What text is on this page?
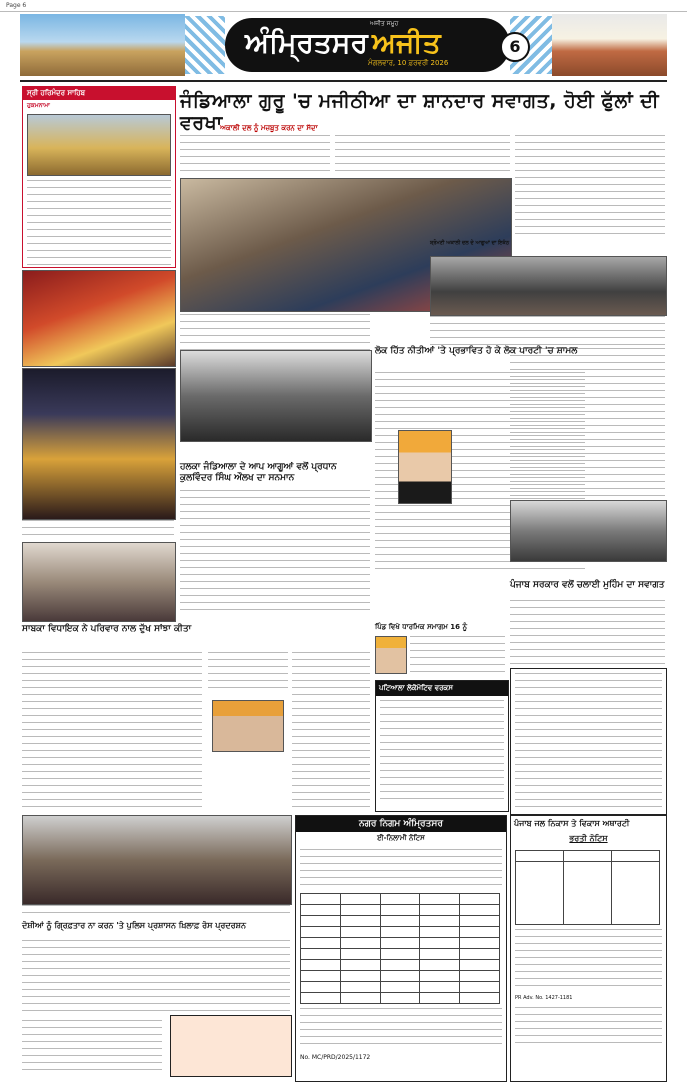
Page 6
ਅੰਮ੍ਰਿਤਸਰ ਅਜੀਤ
ਅਜੀਤ ਸਮੂਹ
ਮੰਗਲਵਾਰ, 10 ਫ਼ਰਵਰੀ 2026
6
ਸ੍ਰੀ ਹਰਿਮੰਦਰ ਸਾਹਿਬ
ਹੁਕਮਨਾਮਾ	ਜੰਡਿਆਲਾ ਗੁਰੂ 'ਚ ਮਜੀਠੀਆ ਦਾ ਸ਼ਾਨਦਾਰ ਸਵਾਗਤ, ਹੋਈ ਫੁੱਲਾਂ ਦੀ ਵਰਖਾ
ਅਕਾਲੀ ਦਲ ਨੂੰ ਮਜ਼ਬੂਤ ਕਰਨ ਦਾ ਸੱਦਾ
ਸ਼੍ਰੋਮਣੀ ਅਕਾਲੀ ਦਲ ਦੇ ਆਗੂਆਂ ਦਾ ਇਕੱਠ
ਹਲਕਾ ਜੰਡਿਆਲਾ ਦੇ ਆਪ ਆਗੂਆਂ ਵਲੋਂ ਪ੍ਰਧਾਨ ਕੁਲਵਿੰਦਰ ਸਿੰਘ ਔਲਖ ਦਾ ਸਨਮਾਨ
ਲੋਕ ਹਿੱਤ ਨੀਤੀਆਂ 'ਤੇ ਪ੍ਰਭਾਵਿਤ ਹੋ ਕੇ ਲੋਕ ਪਾਰਟੀ 'ਚ ਸ਼ਾਮਲ
ਪੰਜਾਬ ਸਰਕਾਰ ਵਲੋਂ ਚਲਾਈ ਮੁਹਿੰਮ ਦਾ ਸਵਾਗਤ
ਪਿੰਡ ਵਿਖੇ ਧਾਰਮਿਕ ਸਮਾਗਮ 16 ਨੂੰ
ਸਾਬਕਾ ਵਿਧਾਇਕ ਨੇ ਪਰਿਵਾਰ ਨਾਲ ਦੁੱਖ ਸਾਂਝਾ ਕੀਤਾ
ਪਟਿਆਲਾ ਲੋਕੋਮੋਟਿਵ ਵਰਕਸ
ਦੋਸ਼ੀਆਂ ਨੂੰ ਗ੍ਰਿਫ਼ਤਾਰ ਨਾ ਕਰਨ 'ਤੇ ਪੁਲਿਸ ਪ੍ਰਸ਼ਾਸਨ ਖ਼ਿਲਾਫ਼ ਰੋਸ ਪ੍ਰਦਰਸ਼ਨ
ਨਗਰ ਨਿਗਮ ਅੰਮ੍ਰਿਤਸਰ
ਈ-ਨਿਲਾਮੀ ਨੋਟਿਸ

No. MC/PRD/2025/1172
ਪੰਜਾਬ ਜਲ ਨਿਕਾਸ ਤੇ ਵਿਕਾਸ ਅਥਾਰਟੀ
ਭਰਤੀ ਨੋਟਿਸ

PR Adv. No. 1427-1181
